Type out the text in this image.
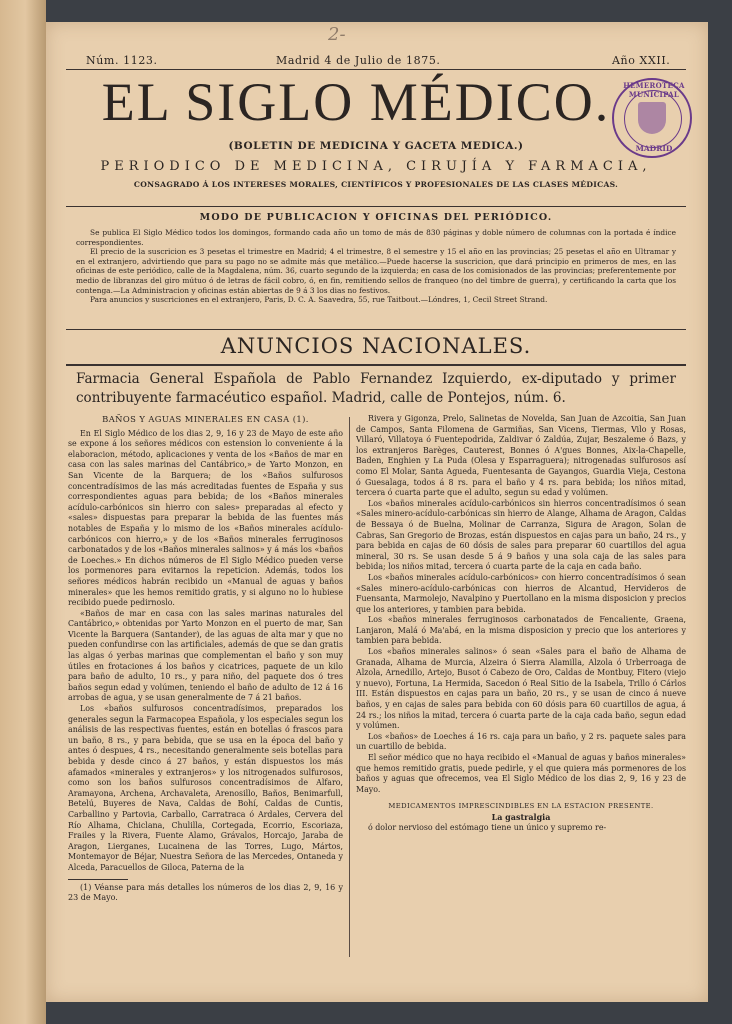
2-
Núm. 1123.	Madrid 4 de Julio de 1875.	Año XXII.
EL SIGLO MÉDICO.
(BOLETIN DE MEDICINA Y GACETA MEDICA.)
PERIODICO DE MEDICINA, CIRUJÍA Y FARMACIA,
CONSAGRADO Á LOS INTERESES MORALES, CIENTÍFICOS Y PROFESIONALES DE LAS CLASES MÉDICAS.
HEMEROTECA MUNICIPAL
MADRID
MODO DE PUBLICACION Y OFICINAS DEL PERIÓDICO.

Se publica El Siglo Médico todos los domingos, formando cada año un tomo de más de 830 páginas y doble número de columnas con la portada é índice correspondientes.

El precio de la suscricion es 3 pesetas el trimestre en Madrid; 4 el trimestre, 8 el semestre y 15 el año en las provincias; 25 pesetas el año en Ultramar y en el extranjero, advirtiendo que para su pago no se admite más que metálico.—Puede hacerse la suscricion, que dará principio en primeros de mes, en las oficinas de este periódico, calle de la Magdalena, núm. 36, cuarto segundo de la izquierda; en casa de los comisionados de las provincias; preferentemente por medio de libranzas del giro mútuo ó de letras de fácil cobro, ó, en fin, remitiendo sellos de franqueo (no del timbre de guerra), y certificando la carta que los contenga.—La Administracion y oficinas están abiertas de 9 á 3 los dias no festivos.

Para anuncios y suscriciones en el extranjero, Paris, D. C. A. Saavedra, 55, rue Taitbout.—Lóndres, 1, Cecil Street Strand.

ANUNCIOS NACIONALES.
Farmacia General Española de Pablo Fernandez Izquierdo, ex-diputado y primer contribuyente farmacéutico español. Madrid, calle de Pontejos, núm. 6.

BAÑOS Y AGUAS MINERALES EN CASA (1).

En El Siglo Médico de los dias 2, 9, 16 y 23 de Mayo de este año se expone á los señores médicos con estension lo conveniente á la elaboracion, método, aplicaciones y venta de los «Baños de mar en casa con las sales marinas del Cantábrico,» de Yarto Monzon, en San Vicente de la Barquera; de los «Baños sulfurosos concentradísimos de las más acreditadas fuentes de España y sus correspondientes aguas para bebida; de los «Baños minerales acídulo-carbónicos sin hierro con sales» preparadas al efecto y «sales» dispuestas para preparar la bebida de las fuentes más notables de España y lo mismo de los «Baños minerales acídulo-carbónicos con hierro,» y de los «Baños minerales ferruginosos carbonatados y de los «Baños minerales salinos» y á más los «baños de Loeches.» En dichos números de El Siglo Médico pueden verse los pormenores para evitarnos la repeticion. Además, todos los señores médicos habrán recibido un «Manual de aguas y baños minerales» que les hemos remitido gratis, y si alguno no lo hubiese recibido puede pedirnoslo.

«Baños de mar en casa con las sales marinas naturales del Cantábrico,» obtenidas por Yarto Monzon en el puerto de mar, San Vicente la Barquera (Santander), de las aguas de alta mar y que no pueden confundirse con las artificiales, además de que se dan gratis las algas ó yerbas marinas que complementan el baño y son muy útiles en frotaciones á los baños y cicatrices, paquete de un kilo para baño de adulto, 10 rs., y para niño, del paquete dos ó tres baños segun edad y volúmen, teniendo el baño de adulto de 12 á 16 arrobas de agua, y se usan generalmente de 7 á 21 baños.

Los «baños sulfurosos concentradísimos, preparados los generales segun la Farmacopea Española, y los especiales segun los análisis de las respectivas fuentes, están en botellas ó frascos para un baño, 8 rs., y para bebida, que se usa en la época del baño y antes ó despues, 4 rs., necesitando generalmente seis botellas para bebida y desde cinco á 27 baños, y están dispuestos los más afamados «minerales y extranjeros» y los nitrogenados sulfurosos, como son los baños sulfurosos concentradísimos de Alfaro, Aramayona, Archena, Archavaleta, Arenosillo, Baños, Benimarfull, Betelú, Buyeres de Nava, Caldas de Bohí, Caldas de Cuntis, Carballino y Partovia, Carballo, Carratraca ó Ardales, Cervera del Río Alhama, Chiclana, Chulilla, Cortegada, Ecorrio, Escoriaza, Frailes y la Rivera, Fuente Alamo, Grávalos, Horcajo, Jaraba de Aragon, Lierganes, Lucainena de las Torres, Lugo, Mártos, Montemayor de Béjar, Nuestra Señora de las Mercedes, Ontaneda y Alceda, Paracuellos de Giloca, Paterna de la

(1) Véanse para más detalles los números de los dias 2, 9, 16 y 23 de Mayo.

Rivera y Gigonza, Prelo, Salinetas de Novelda, San Juan de Azcoitia, San Juan de Campos, Santa Filomena de Garmiñas, San Vicens, Tiermas, Vilo y Rosas, Villaró, Villatoya ó Fuentepodrida, Zaldivar ó Zaldúa, Zujar, Beszaleme ó Bazs, y los extranjeros Barèges, Cauterest, Bonnes ó A'gues Bonnes, Aix-la-Chapelle, Baden, Enghien y La Puda (Olesa y Esparraguera); nitrogenadas sulfurosos así como El Molar, Santa Agueda, Fuentesanta de Gayangos, Guardia Vieja, Cestona ó Guesalaga, todos á 8 rs. para el baño y 4 rs. para bebida; los niños mitad, tercera ó cuarta parte que el adulto, segun su edad y volúmen.

Los «baños minerales acídulo-carbónicos sin hierros concentradísimos ó sean «Sales minero-acídulo-carbónicas sin hierro de Alange, Alhama de Aragon, Caldas de Bessaya ó de Buelna, Molinar de Carranza, Sigura de Aragon, Solan de Cabras, San Gregorio de Brozas, están dispuestos en cajas para un baño, 24 rs., y para bebida en cajas de 60 dósis de sales para preparar 60 cuartillos del agua mineral, 30 rs. Se usan desde 5 á 9 baños y una sola caja de las sales para bebida; los niños mitad, tercera ó cuarta parte de la caja en cada baño.

Los «baños minerales acídulo-carbónicos» con hierro concentradísimos ó sean «Sales minero-acídulo-carbónicas con hierros de Alcantud, Hervideros de Fuensanta, Marmolejo, Navalpino y Puertollano en la misma disposicion y precios que los anteriores, y tambien para bebida.

Los «baños minerales ferruginosos carbonatados de Fencaliente, Graena, Lanjaron, Malá ó Ma'abá, en la misma disposicion y precio que los anteriores y tambien para bebida.

Los «baños minerales salinos» ó sean «Sales para el baño de Alhama de Granada, Alhama de Murcia, Alzeira ó Sierra Alamilla, Alzola ó Urberroaga de Alzola, Arnedillo, Artejo, Busot ó Cabezo de Oro, Caldas de Montbuy, Fitero (viejo y nuevo), Fortuna, La Hermida, Sacedon ó Real Sitio de la Isabela, Trillo ó Cárlos III. Están dispuestos en cajas para un baño, 20 rs., y se usan de cinco á nueve baños, y en cajas de sales para bebida con 60 dósis para 60 cuartillos de agua, á 24 rs.; los niños la mitad, tercera ó cuarta parte de la caja cada baño, segun edad y volúmen.

Los «baños» de Loeches á 16 rs. caja para un baño, y 2 rs. paquete sales para un cuartillo de bebida.

El señor médico que no haya recibido el «Manual de aguas y baños minerales» que hemos remitido gratis, puede pedirle, y el que quiera más pormenores de los baños y aguas que ofrecemos, vea El Siglo Médico de los dias 2, 9, 16 y 23 de Mayo.

MEDICAMENTOS IMPRESCINDIBLES EN LA ESTACION PRESENTE.

La gastralgia

ó dolor nervioso del estómago tiene un único y supremo re-
